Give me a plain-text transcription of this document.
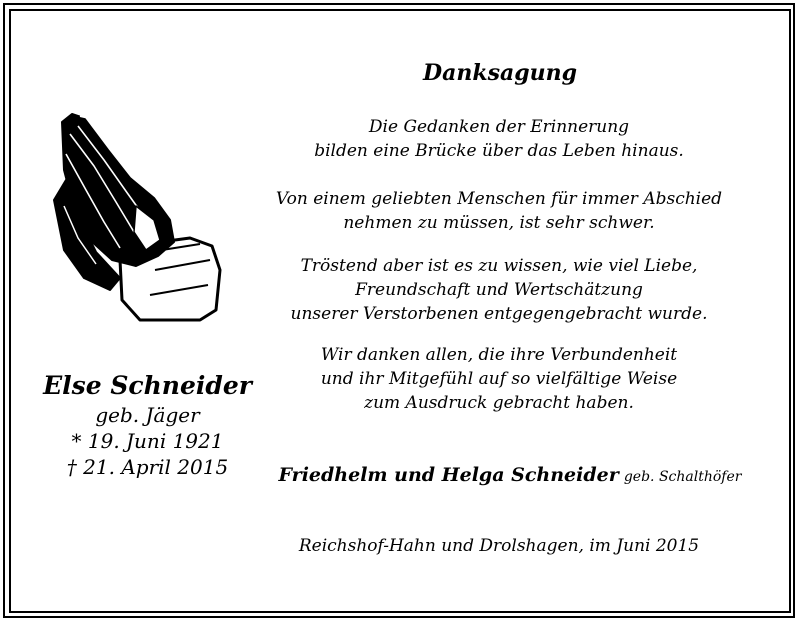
Danksagung
Die Gedanken der Erinnerung
bilden eine Brücke über das Leben hinaus.
Von einem geliebten Menschen für immer Abschied
nehmen zu müssen, ist sehr schwer.
Tröstend aber ist es zu wissen, wie viel Liebe,
Freundschaft und Wertschätzung
unserer Verstorbenen entgegengebracht wurde.
Wir danken allen, die ihre Verbundenheit
und ihr Mitgefühl auf so vielfältige Weise
zum Ausdruck gebracht haben.
Else Schneider
geb. Jäger
* 19. Juni 1921
† 21. April 2015	Friedhelm und Helga Schneider geb. Schalthöfer
Reichshof-Hahn und Drolshagen, im Juni 2015
